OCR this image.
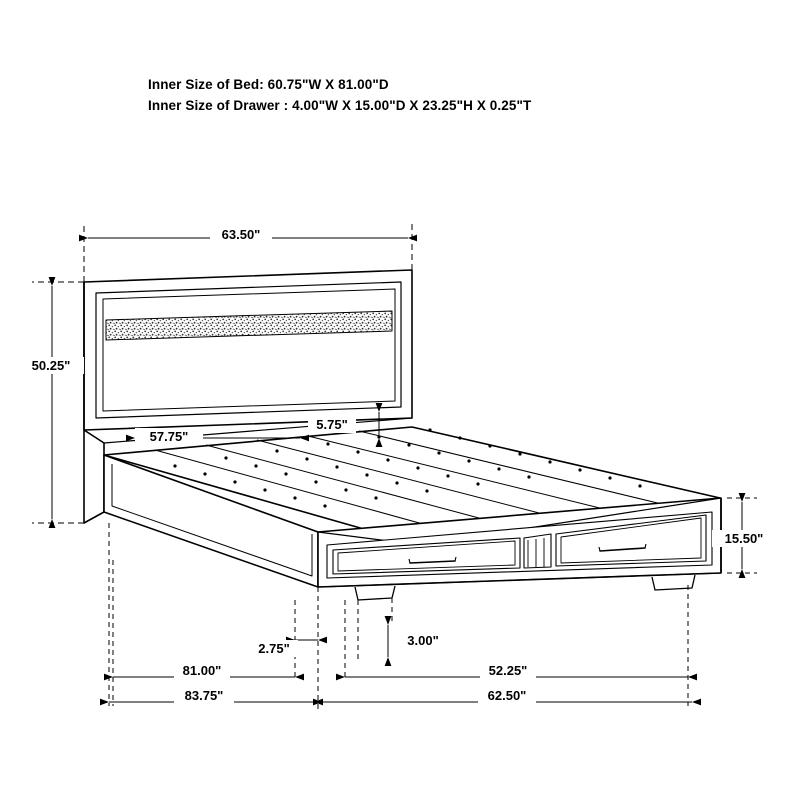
Inner Size of Bed: 60.75"W X 81.00"D
Inner Size of Drawer : 4.00"W X 15.00"D X 23.25"H X 0.25"T
63.50"
50.25"
57.75"
5.75"
15.50"
2.75"
3.00"
52.25"
81.00"
83.75"	62.50"
